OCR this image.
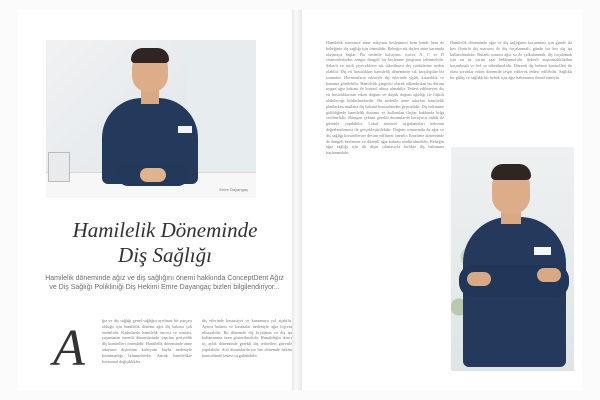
Emre Dayangaç
Hamilelik Döneminde
Diş Sağlığı
Hamilelik döneminde ağız ve diş sağlığını önemi hakkında ConceptDent Ağız ve Diş Sağlığı Polikliniği Diş Hekimi Emre Dayangaç bizleri bilgilendiriyor...
A	ğız ve diş sağlığı genel sağlığın ayrılmaz bir parçası olduğu için hamilelik dönemi ağız diş bakımı çok önemlidir. Kadınlarda hamilelik öncesi ve sonrası, yaşamanın önemli dönemlerinde yapılan periyodik diş kontrolleri önemlidir. Hamilelik döneminde anne adayının dişlerinin kalsiyum kaybı nedeniyle bozulmadığı bilinmektedir. Ancak hamilelikte hormonal değişiklikler
diş etlerinde hassasiyet ve kanamaya yol açabilir. Ayrıca bulantı ve kusmalar nedeniyle ağız hijyeni aksayabilir. Bu dönemde diş fırçalama ve diş ipi kullanımına özen gösterilmelidir. Hamileliğin ikinci üç aylık döneminde gerekli diş tedavileri güvenle yapılabilir. Acil durumlarda ise her dönemde hekim kontrolünde tedavi uygulanabilir.
Hamilelik süresince anne adayının beslenmesi hem kendi hem de bebeğinin diş sağlığı için önemlidir. Bebeğin süt dişleri anne karnında oluşmaya başlar. Bu nedenle kalsiyum, fosfor, A, C ve D vitaminlerinden zengin dengeli bir beslenme programı izlenmelidir. Şekerli ve asitli yiyeceklerin sık tüketilmesi diş çürüklerine neden olabilir. Diş eti hastalıkları hamilelik döneminde sık karşılaşılan bir sorundur. Hormonların etkisiyle diş etlerinde şişlik, kızarıklık ve kanama görülebilir. Hamilelik gingiviti olarak adlandırılan bu durum uygun ağız bakımı ile kontrol altına alınabilir. Tedavi edilmeyen diş eti hastalıklarının erken doğum ve düşük doğum ağırlığı ile ilişkili olabileceği bildirilmektedir. Bu nedenle anne adayları hamilelik planlarken mutlaka diş hekimi kontrolünden geçmelidir. Diş hekimine gidildiğinde hamilelik durumu ve kullanılan ilaçlar hakkında bilgi verilmelidir. Röntgen çekimi gerekli durumlarda koruyucu önlük ile güvenle yapılabilir. Lokal anestezi uygulamaları hekimin değerlendirmesi ile gerçekleştirilebilir. Doğum sonrasında da ağız ve diş sağlığı kontrollerine devam edilmesi önerilir. Emzirme döneminde de dengeli beslenme ve düzenli ağız bakımı sürdürülmelidir. Bebeğin ağız sağlığı için ilk dişin çıkmasıyla birlikte diş bakımına başlanmalıdır.
Hamilelik döneminde ağız ve diş sağlığının korunması için günde iki kez florürlü diş macunu ile diş fırçalanmalı, günde bir kez diş ipi kullanılmalıdır. Bulantı sonrası ağız su ile çalkalanmalı, diş fırçalamak için en az yarım saat beklenmelidir. Şekerli atıştırmalıklardan kaçınılmalı ve bol su tüketilmelidir. Düzenli diş hekimi kontrolleri ile olası sorunlar erken dönemde tespit edilerek tedavi edilebilir. Sağlıklı bir gülüş ve sağlıklı bir bebek için ağız bakımınızı ihmal etmeyin.
